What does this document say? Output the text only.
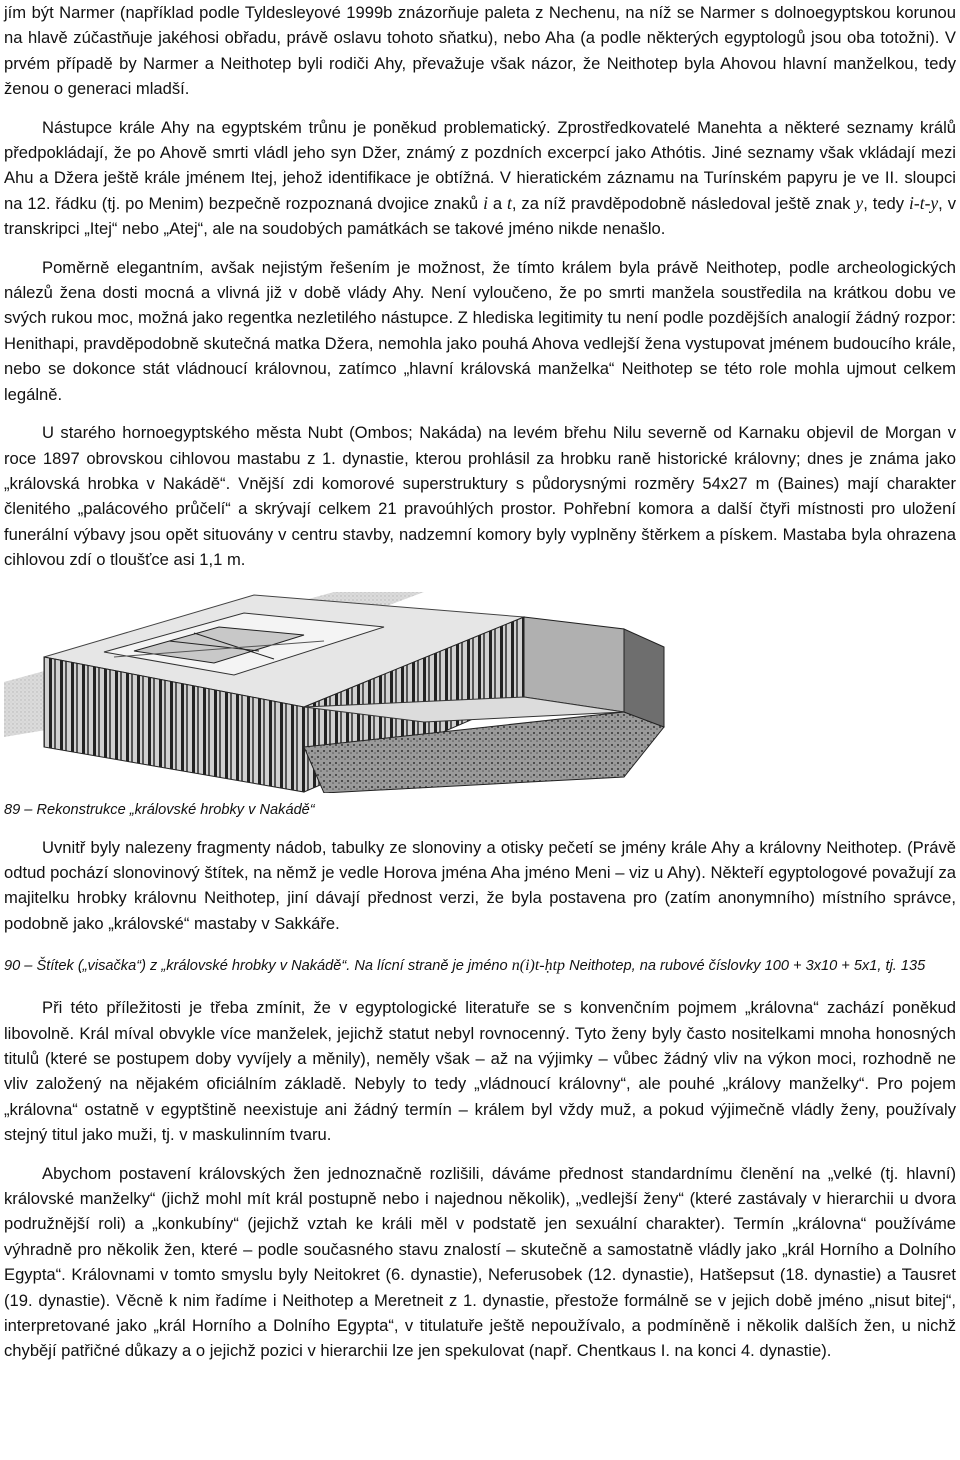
jím být Narmer (například podle Tyldesleyové 1999b znázorňuje paleta z Nechenu, na níž se Narmer s dolnoegyptskou korunou na hlavě zúčastňuje jakéhosi obřadu, právě oslavu tohoto sňatku), nebo Aha (a podle některých egyptologů jsou oba totožni). V prvém případě by Narmer a Neithotep byli rodiči Ahy, převažuje však názor, že Neithotep byla Ahovou hlavní manželkou, tedy ženou o generaci mladší.

Nástupce krále Ahy na egyptském trůnu je poněkud problematický. Zprostředkovatelé Manehta a některé seznamy králů předpokládají, že po Ahově smrti vládl jeho syn Džer, známý z pozdních excerpcí jako Athótis. Jiné seznamy však vkládají mezi Ahu a Džera ještě krále jménem Itej, jehož identifikace je obtížná. V hieratickém záznamu na Turínském papyru je ve II. sloupci na 12. řádku (tj. po Menim) bezpečně rozpoznaná dvojice znaků i a t, za níž pravděpodobně následoval ještě znak y, tedy i-t-y, v transkripci „Itej“ nebo „Atej“, ale na soudobých památkách se takové jméno nikde nenašlo.

Poměrně elegantním, avšak nejistým řešením je možnost, že tímto králem byla právě Neithotep, podle archeologických nálezů žena dosti mocná a vlivná již v době vlády Ahy. Není vyloučeno, že po smrti manžela soustředila na krátkou dobu ve svých rukou moc, možná jako regentka nezletilého nástupce. Z hlediska legitimity tu není podle pozdějších analogií žádný rozpor: Henithapi, pravděpodobně skutečná matka Džera, nemohla jako pouhá Ahova vedlejší žena vystupovat jménem budoucího krále, nebo se dokonce stát vládnoucí královnou, zatímco „hlavní královská manželka“ Neithotep se této role mohla ujmout celkem legálně.

U starého hornoegyptského města Nubt (Ombos; Nakáda) na levém břehu Nilu severně od Karnaku objevil de Morgan v roce 1897 obrovskou cihlovou mastabu z 1. dynastie, kterou prohlásil za hrobku raně historické královny; dnes je známa jako „královská hrobka v Nakádě“. Vnější zdi komorové superstruktury s půdorysnými rozměry 54x27 m (Baines) mají charakter členitého „palácového průčelí“ a skrývají celkem 21 pravoúhlých prostor. Pohřební komora a další čtyři místnosti pro uložení funerální výbavy jsou opět situovány v centru stavby, nadzemní komory byly vyplněny štěrkem a pískem. Mastaba byla ohrazena cihlovou zdí o tloušťce asi 1,1 m.

89 – Rekonstrukce „královské hrobky v Nakádě“

Uvnitř byly nalezeny fragmenty nádob, tabulky ze slonoviny a otisky pečetí se jmény krále Ahy a královny Neithotep. (Právě odtud pochází slonovinový štítek, na němž je vedle Horova jména Aha jméno Meni – viz u Ahy). Někteří egyptologové považují za majitelku hrobky královnu Neithotep, jiní dávají přednost verzi, že byla postavena pro (zatím anonymního) místního správce, podobně jako „královské“ mastaby v Sakkáře.

90 – Štítek („visačka“) z „královské hrobky v Nakádě“. Na lícní straně je jméno n(i)t-ḥtp Neithotep, na rubové číslovky 100 + 3x10 + 5x1, tj. 135

Při této příležitosti je třeba zmínit, že v egyptologické literatuře se s konvenčním pojmem „královna“ zachází poněkud libovolně. Král míval obvykle více manželek, jejichž statut nebyl rovnocenný. Tyto ženy byly často nositelkami mnoha honosných titulů (které se postupem doby vyvíjely a měnily), neměly však – až na výjimky – vůbec žádný vliv na výkon moci, rozhodně ne vliv založený na nějakém oficiálním základě. Nebyly to tedy „vládnoucí královny“, ale pouhé „královy manželky“. Pro pojem „královna“ ostatně v egyptštině neexistuje ani žádný termín – králem byl vždy muž, a pokud výjimečně vládly ženy, používaly stejný titul jako muži, tj. v maskulinním tvaru.

Abychom postavení královských žen jednoznačně rozlišili, dáváme přednost standardnímu členění na „velké (tj. hlavní) královské manželky“ (jichž mohl mít král postupně nebo i najednou několik), „vedlejší ženy“ (které zastávaly v hierarchii u dvora podružnější roli) a „konkubíny“ (jejichž vztah ke králi měl v podstatě jen sexuální charakter). Termín „královna“ používáme výhradně pro několik žen, které – podle současného stavu znalostí – skutečně a samostatně vládly jako „král Horního a Dolního Egypta“. Královnami v tomto smyslu byly Neitokret (6. dynastie), Neferusobek (12. dynastie), Hatšepsut (18. dynastie) a Tausret (19. dynastie). Věcně k nim řadíme i Neithotep a Meretneit z 1. dynastie, přestože formálně se v jejich době jméno „nisut bitej“, interpretované jako „král Horního a Dolního Egypta“, v titulatuře ještě nepoužívalo, a podmíněně i několik dalších žen, u nichž chybějí patřičné důkazy a o jejichž pozici v hierarchii lze jen spekulovat (např. Chentkaus I. na konci 4. dynastie).
